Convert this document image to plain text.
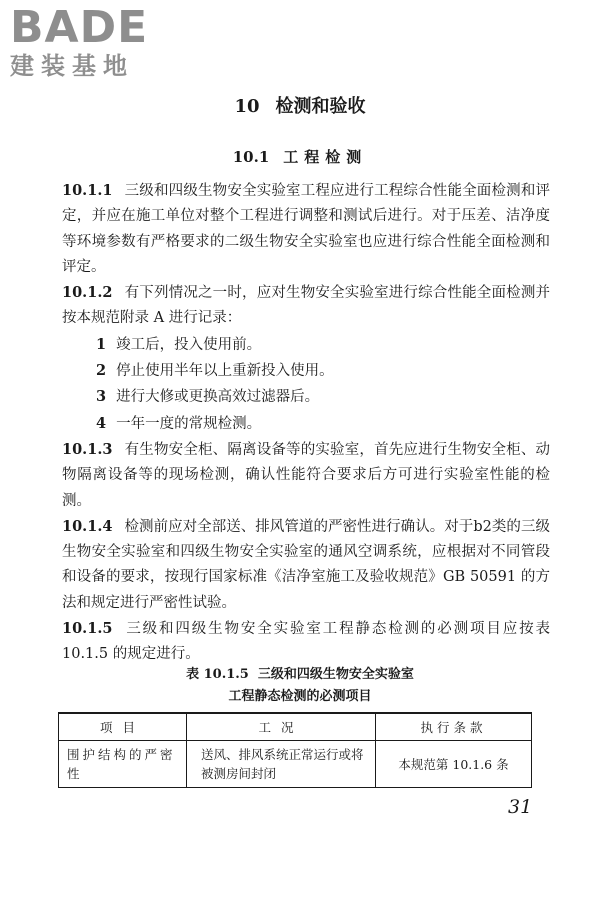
BADE
建装基地
10 检测和验收
10.1 工程检测

10.1.1 三级和四级生物安全实验室工程应进行工程综合性能全面检测和评定，并应在施工单位对整个工程进行调整和测试后进行。对于压差、洁净度等环境参数有严格要求的二级生物安全实验室也应进行综合性能全面检测和评定。

10.1.2 有下列情况之一时，应对生物安全实验室进行综合性能全面检测并按本规范附录 A 进行记录：

1 竣工后，投入使用前。

2 停止使用半年以上重新投入使用。

3 进行大修或更换高效过滤器后。

4 一年一度的常规检测。

10.1.3 有生物安全柜、隔离设备等的实验室，首先应进行生物安全柜、动物隔离设备等的现场检测，确认性能符合要求后方可进行实验室性能的检测。

10.1.4 检测前应对全部送、排风管道的严密性进行确认。对于b2类的三级生物安全实验室和四级生物安全实验室的通风空调系统，应根据对不同管段和设备的要求，按现行国家标准《洁净室施工及验收规范》GB 50591 的方法和规定进行严密性试验。

10.1.5 三级和四级生物安全实验室工程静态检测的必测项目应按表 10.1.5 的规定进行。

表 10.1.5 三级和四级生物安全实验室
工程静态检测的必测项目
项目	工况	执行条款
围护结构的严密性	送风、排风系统正常运行或将被测房间封闭	本规范第 10.1.6 条
31
